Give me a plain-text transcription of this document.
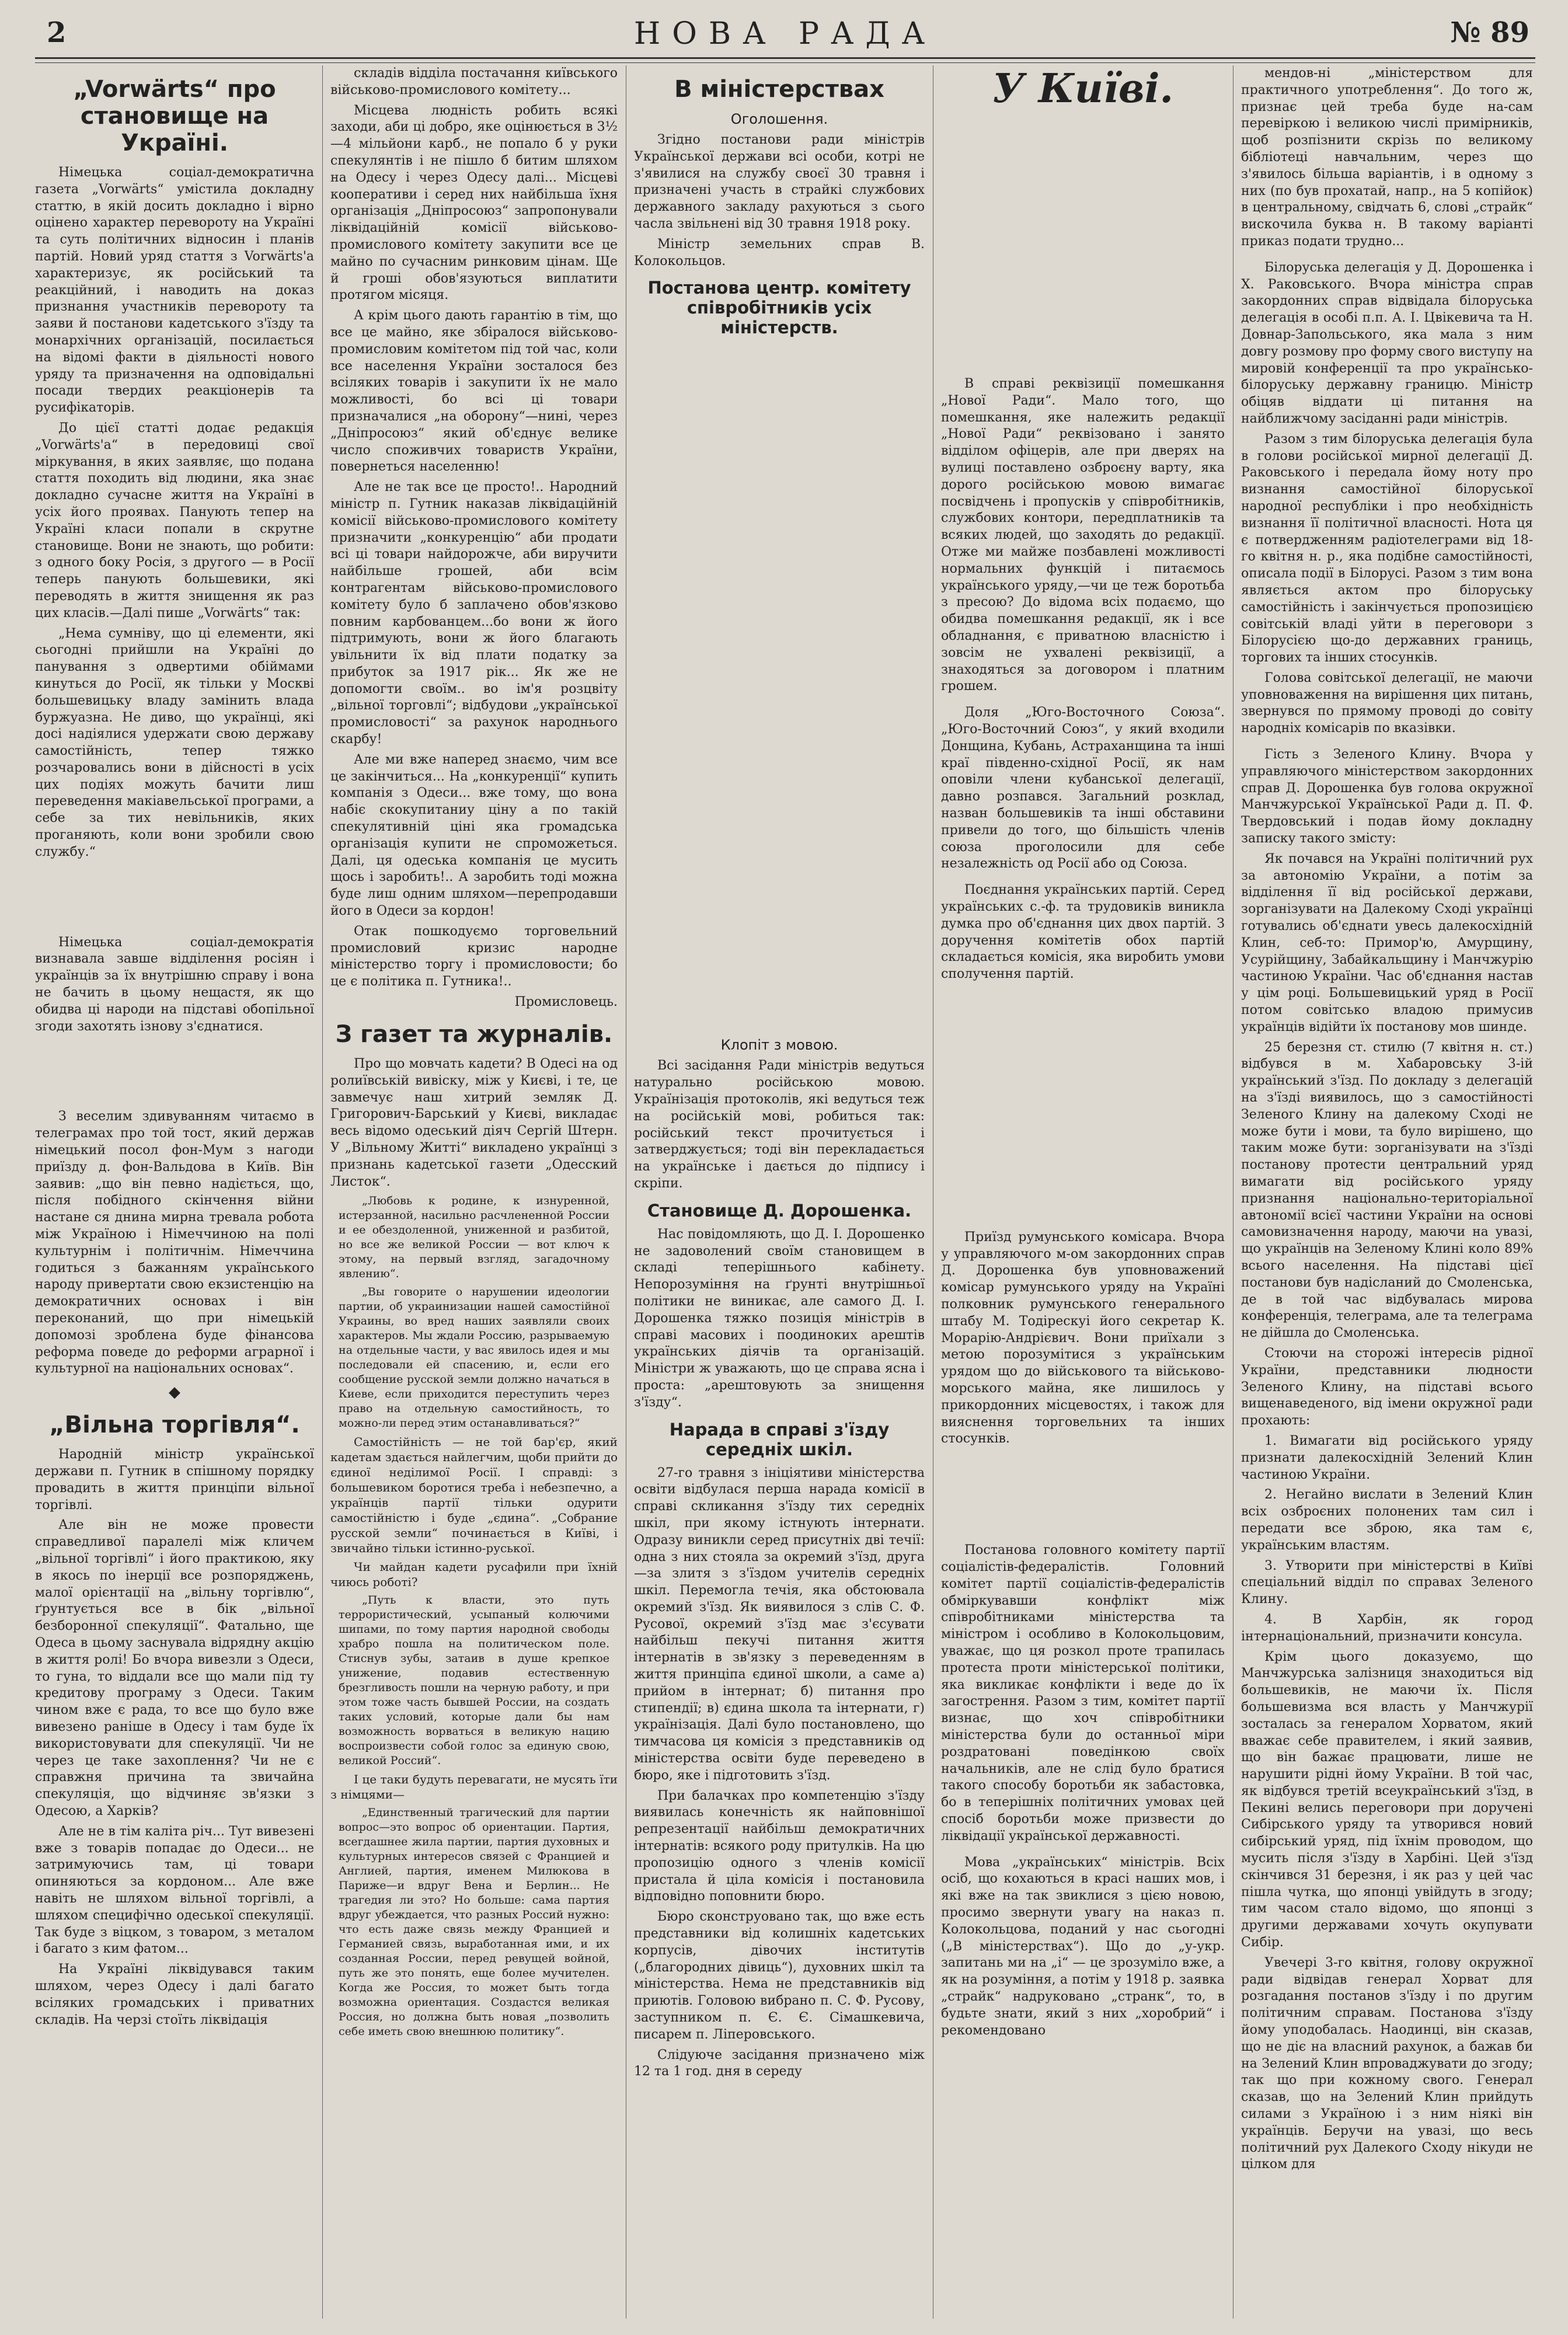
2	НОВА РАДА	№ 89
„Vorwärts“ про становище на Україні.

Німецька соціал-демократична газета „Vorwärts“ умістила докладну статтю, в якій досить докладно і вірно оцінено характер перевороту на Україні та суть політичних відносин і планів партій. Новий уряд стаття з Vorwärts'а характеризує, як російський та реакційний, і наводить на доказ признання участників перевороту та заяви й постанови кадетського з'їзду та монархічних організацій, посилається на відомі факти в діяльності нового уряду та призначення на одповідальні посади твердих реакціонерів та русифікаторів.

До цієї статті додає редакція „Vorwärts'а“ в передовиці свої міркування, в яких заявляє, що подана стаття походить від людини, яка знає докладно сучасне життя на Україні в усіх його проявах. Панують тепер на Україні класи попали в скрутне становище. Вони не знають, що робити: з одного боку Росія, з другого — в Росії теперь панують большевики, які переводять в життя знищення як раз цих класів.—Далі пише „Vorwärts“ так:

„Нема сумніву, що ці елементи, які сьогодні прийшли на Україні до панування з одвертими обіймами кинуться до Росії, як тільки у Москві большевицьку владу замінить влада буржуазна. Не диво, що українці, які досі надіялися удержати свою державу самостійність, тепер тяжко розчаровались вони в дійсності в усіх цих подіях можуть бачити лиш переведення макіавельської програми, а себе за тих невільників, яких проганяють, коли вони зробили свою службу.“

Німецька соціал-демократія визнавала завше відділення росіян і українців за їх внутрішню справу і вона не бачить в цьому нещастя, як що обидва ці народи на підставі обопільної згоди захотять ізнову з'єднатися.

З веселим здивуванням читаємо в телеграмах про той тост, який держав німецький посол фон-Мум з нагоди приїзду д. фон-Вальдова в Київ. Він заявив: „що він певно надіється, що, після побідного скінчення війни настане ся днина мирна тревала робота між Україною і Німеччиною на полі культурнім і політичнім. Німеччина годиться з бажанням українського народу привертати свою екзистенцію на демократичних основах і він переконаний, що при німецькій допомозі зроблена буде фінансова реформа поведе до реформи аграрної і культурної на національних основах“.

◆
„Вільна торгівля“.

Народній міністр української держави п. Гутник в спішному порядку провадить в життя принціпи вільної торгівлі.

Але він не може провести справедливої паралелі між кличем „вільної торгівлі“ і його практикою, яку в якось по інерції все розпоряджень, малої орієнтації на „вільну торгівлю“, ґрунтується все в бік „вільної безборонної спекуляції“. Фатально, ще Одеса в цьому заснувала відрядну акцію в життя ролі! Бо вчора вивезли з Одеси, то гуна, то віддали все що мали під ту кредитову програму з Одеси. Таким чином вже є рада, то все що було вже вивезено раніше в Одесу і там буде їх використовувати для спекуляції. Чи не через це таке захоплення? Чи не є справжня причина та звичайна спекуляція, що відчиняє зв'язки з Одесою, а Харків?

Але не в тім каліта річ... Тут вивезені вже з товарів попадає до Одеси... не затримуючись там, ці товари опиняються за кордоном... Але вже навіть не шляхом вільної торгівлі, а шляхом специфічно одеської спекуляції. Так буде з віцком, з товаром, з металом і багато з ким фатом...

На Україні ліквідувався таким шляхом, через Одесу і далі багато всіляких громадських і приватних складів. На черзі стоїть ліквідація

складів відділа постачання київського військово-промислового комітету...

Місцева людність робить всякі заходи, аби ці добро, яке оцінюється в 3½—4 мільйони карб., не попало б у руки спекулянтів і не пішло б битим шляхом на Одесу і через Одесу далі... Місцеві кооперативи і серед них найбільша їхня організація „Дніпросоюз“ запропонували ліквідаційній комісії військово-промислового комітету закупити все це майно по сучасним ринковим цінам. Ще й гроші обов'язуються виплатити протягом місяця.

А крім цього дають гарантію в тім, що все це майно, яке збіралося військово-промисловим комітетом під той час, коли все населення України зосталося без всіляких товарів і закупити їх не мало можливості, бо всі ці товари призначалися „на оборону“—нині, через „Дніпросоюз“ який об'єднує велике число споживчих товариств України, повернеться населенню!

Але не так все це просто!.. Народний міністр п. Гутник наказав ліквідаційній комісії військово-промислового комітету призначити „конкуренцію“ аби продати всі ці товари найдорожче, аби виручити найбільше грошей, аби всім контрагентам військово-промислового комітету було б заплачено обов'язково повним карбованцем...бо вони ж його підтримують, вони ж його благають увільнити їх від плати податку за прибуток за 1917 рік... Як же не допомогти своїм.. во ім'я розцвіту „вільної торговлі“; відбудови „української промисловості“ за рахунок народнього скарбу!

Але ми вже наперед знаємо, чим все це закінчиться... На „конкуренції“ купить компанія з Одеси... вже тому, що вона набіє скокупитаниу ціну а по такій спекулятивній ціні яка громадська організація купити не спроможеться. Далі, ця одеська компанія це мусить щось і заробить!.. А заробить тоді можна буде лиш одним шляхом—перепродавши його в Одеси за кордон!

Отак пошкодуємо торговельний промисловий кризис народне міністерство торгу і промисловости; бо це є політика п. Гутника!..

Промисловець.
З газет та журналів.

Про що мовчать кадети? В Одесі на од ролиївській вивіску, між у Києві, і те, це завмечує наш хитрий земляк Д. Григорович-Барський у Києві, викладає весь відомо одеський діяч Сергій Штерн. У „Вільному Житті“ викладено українці з признань кадетської газети „Одесский Листок“.

„Любовь к родине, к изнуренной, истерзанной, насильно расчлененной России и ее обездоленной, униженной и разбитой, но все же великой России — вот ключ к этому, на первый взгляд, загадочному явлению“.

„Вы говорите о нарушении идеологии партии, об украинизации нашей самостійної Украины, во вред наших заявляли своих характеров. Мы ждали Россию, разрываемую на отдельные части, у вас явилось идея и мы последовали ей спасению, и, если его сообщение русской земли должно начаться в Киеве, если приходится переступить через право на отдельную самостийность, то можно-ли перед этим останавливаться?“

Самостійність — не той бар'єр, який кадетам здається найлегчим, щоби прийти до єдиної неділимої Росії. І справді: з большевиком боротися треба і небезпечно, а українців партії тільки одурити самостійністю і буде „єдина“. „Собрание русской земли“ починається в Київі, і звичайно тільки істинно-руської.

Чи майдан кадети русафили при їхній чиюсь роботі?

„Путь к власти, это путь террористический, усыпаный колючими шипами, по тому партия народной свободы храбро пошла на политическом поле. Стиснув зубы, затаив в душе крепкое унижение, подавив естественную брезгливость пошли на черную работу, и при этом тоже часть бывшей России, на создать таких условий, которые дали бы нам возможность ворваться в великую нацию воспроизвести собой голос за единую свою, великой Россий“.

І це таки будуть перевагати, не мусять їти з німцями—

„Единственный трагический для партии вопрос—это вопрос об ориентации. Партия, всегдашнее жила партии, партия духовных и культурных интересов связей с Францией и Англией, партия, именем Милюкова в Париже—и вдруг Вена и Берлин... Не трагедия ли это? Но больше: сама партия вдруг убеждается, что разных Россий нужно: что есть даже связь между Францией и Германией связь, выработанная ими, и их созданная России, перед ревущей войной, путь же это понять, еще более мучителен. Когда же Россия, то может быть тогда возможна ориентация. Создастся великая Россия, но должна быть новая „позволить себе иметь свою внешнюю политику“.

В міністерствах
Оголошення.

Згідно постанови ради міністрів Української держави всі особи, котрі не з'явилися на службу своєї 30 травня і призначені участь в страйкі службових державного закладу рахуються з сього часла звільнені від 30 травня 1918 року.

Міністр земельних справ В. Колокольцов.

Постанова центр. комітету співробітників усіх міністерств.
Клопіт з мовою.

Всі засідання Ради міністрів ведуться натурально російською мовою. Українізація протоколів, які ведуться теж на російській мові, робиться так: російський текст прочитується і затверджується; тоді він перекладається на українське і дається до підпису і скріпи.

Становище Д. Дорошенка.

Нас повідомляють, що Д. І. Дорошенко не задоволений своїм становищем в складі теперішнього кабінету. Непорозуміння на ґрунті внутрішньої політики не виникає, але самого Д. І. Дорошенка тяжко позиція міністрів в справі масових і поодиноких арештів українських діячів та організацій. Міністри ж уважають, що це справа ясна і проста: „арештовують за знищення з'їзду“.

Нарада в справі з'їзду середніх шкіл.

27-го травня з ініціятиви міністерства освіти відбулася перша нарада комісії в справі скликання з'їзду тих середніх шкіл, при якому істнують інтернати. Одразу виникли серед присутніх дві течії: одна з них стояла за окремий з'їзд, друга—за злитя з з'їздом учителів середніх шкіл. Перемогла течія, яка обстоювала окремий з'їзд. Як виявилося з слів С. Ф. Русової, окремий з'їзд має з'єсувати найбільш пекучі питання життя інтернатів в зв'язку з переведенням в життя принціпа єдиної школи, а саме а) прийом в інтернат; б) питання про стипендії; в) єдина школа та інтернати, г) українізація. Далі було постановлено, що тимчасова ця комісія з представників од міністерства освіти буде переведено в бюро, яке і підготовить з'їзд.

При балачках про компетенцію з'їзду виявилась конечність як найповнішої репрезентації найбільш демократичних інтернатів: всякого роду притулків. На цю пропозицію одного з членів комісії пристала й ціла комісія і постановила відповідно поповнити бюро.

Бюро сконструовано так, що вже есть представники від колишніх кадетських корпусів, дівочих інститутів („благородних дівиць“), духовних шкіл та міністерства. Нема не представників від приютів. Головою вибрано п. С. Ф. Русову, заступником п. Є. Є. Сімашкевича, писарем п. Ліперовського.

Слідуюче засідання призначено між 12 та 1 год. дня в середу

У Київі.

В справі реквізиції помешкання „Нової Ради“. Мало того, що помешкання, яке належить редакції „Нової Ради“ реквізовано і занято відділом офіцерів, але при дверях на вулиці поставлено озброєну варту, яка дорого російською мовою вимагає посвідчень і пропусків у співробітників, службових контори, передплатників та всяких людей, що заходять до редакції. Отже ми майже позбавлені можливості нормальних функцій і питаємось українського уряду,—чи це теж боротьба з пресою? До відома всіх подаємо, що обидва помешкання редакції, як і все обладнання, є приватною власністю і зовсім не ухвалені реквізиції, а знаходяться за договором і платним грошем.

Доля „Юго-Восточного Союза“. „Юго-Восточний Союз“, у який входили Донщина, Кубань, Астраханщина та інші краї південно-східної Росії, як нам оповіли члени кубанської делегації, давно розпався. Загальний розклад, назван большевиків та інші обставини привели до того, що більшість членів союза проголосили для себе незалежність од Росії або од Союза.

Поєднання українських партій. Серед українських с.-ф. та трудовиків виникла думка про об'єднання цих двох партій. З доручення комітетів обох партій складається комісія, яка виробить умови сполучення партій.

Приїзд румунського комісара. Вчора у управляючого м-ом закордонних справ Д. Дорошенка був уповноважений комісар румунського уряду на Україні полковник румунського генерального штабу М. Тодірескуі його секретар К. Морарію-Андрієвич. Вони приїхали з метою порозумітися з українським урядом що до військового та військово-морського майна, яке лишилось у прикордонних місцевостях, і також для вияснення торговельних та інших стосунків.

Постанова головного комітету партії соціалістів-федералістів. Головний комітет партії соціалістів-федералістів обміркувавши конфлікт між співробітниками міністерства та міністром і особливо в Колокольцовим, уважає, що ця розкол проте трапилась протеста проти міністерської політики, яка викликає конфлікти і веде до їх загострення. Разом з тим, комітет партії визнає, що хоч співробітники міністерства були до останньої міри роздратовані поведінкою своїх начальників, але не слід було братися такого способу боротьби як забастовка, бо в теперішніх політичних умовах цей спосіб боротьби може призвести до ліквідації української державності.

Мова „українських“ міністрів. Всіх осіб, що кохаються в красі наших мов, і які вже на так звиклися з цією новою, просимо звернути увагу на наказ п. Колокольцова, поданий у нас сьогодні („В міністерствах“). Що до „у-укр. запитань ми на „і“ — це зрозуміло вже, а як на розуміння, а потім у 1918 р. заявка „страйк“ надруковано „странк“, то, в будьте знати, який з них „хоробрий“ і рекомендовано

мендов-ні „міністерством для практичного употреблення“. До того ж, признає цей треба буде на-сам перевіркою і великою числі примірників, щоб розпізнити скрізь по великому бібліотеці навчальним, через що з'явилось більша варіантів, і в одному з них (по був прохатай, напр., на 5 копійок) в центральному, свідчать 6, слові „страйк“ вискочила буква н. В такому варіанті приказ подати трудно...

Білоруська делегація у Д. Дорошенка і Х. Раковського. Вчора міністра справ закордонних справ відвідала білоруська делегація в особі п.п. А. І. Цвікевича та Н. Довнар-Запольського, яка мала з ним довгу розмову про форму свого виступу на мировій конференції та про українсько-білоруську державну границю. Міністр обіцяв віддати ці питання на найближчому засіданні ради міністрів.

Разом з тим білоруська делегація була в голови російської мирної делегації Д. Раковського і передала йому ноту про визнання самостійної білоруської народної республіки і про необхідність визнання її політичної власності. Нота ця є потвердженням радіотелеграми від 18-го квітня н. р., яка подібне самостійності, описала події в Білорусі. Разом з тим вона являється актом про білоруську самостійність і закінчується пропозицією совітській владі уйти в переговори з Білорусією що-до державних границь, торгових та інших стосунків.

Голова совітської делегації, не маючи уповноваження на вирішення цих питань, звернувся по прямому проводі до совіту народніх комісарів по вказівки.

Гість з Зеленого Клину. Вчора у управляючого міністерством закордонних справ Д. Дорошенка був голова окружної Манчжурської Української Ради д. П. Ф. Твердовський і подав йому докладну записку такого змісту:

Як почався на Україні політичний рух за автономію України, а потім за відділення її від російської держави, зорганізувати на Далекому Сході українці готувались об'єднати увесь далекосхідній Клин, себ-то: Примор'ю, Амурщину, Усурійщину, Забайкальщину і Манчжурію частиною України. Час об'єднання настав у цім році. Большевицький уряд в Росії потом совітсько владою примусив українців відійти їх постанову мов шинде.

25 березня ст. стилю (7 квітня н. ст.) відбувся в м. Хабаровську 3-ій український з'їзд. По докладу з делегацій на з'їзді виявилось, що з самостійності Зеленого Клину на далекому Сході не може бути і мови, та було вирішено, що таким може бути: зорганізувати на з'їзді постанову протести центральний уряд вимагати від російського уряду признання національно-територіальної автономії всієї частини України на основі самовизначення народу, маючи на увазі, що українців на Зеленому Клині коло 89% всього населення. На підставі цієї постанови був надісланий до Смоленська, де в той час відбувалась мирова конференція, телеграма, але та телеграма не дійшла до Смоленська.

Стоючи на сторожі інтересів рідної України, представники людности Зеленого Клину, на підставі всього вищенаведеного, від імени окружної ради прохають:

1. Вимагати від російського уряду признати далекосхідній Зелений Клин частиною України.

2. Негайно вислати в Зелений Клин всіх озброєних полонених там сил і передати все зброю, яка там є, українським властям.

3. Утворити при міністерстві в Київі спеціальний відділ по справах Зеленого Клину.

4. В Харбін, як город інтернаціональний, призначити консула.

Крім цього доказуємо, що Манчжурська залізниця знаходиться від большевиків, не маючи їх. Після большевизма вся власть у Манчжурії зосталась за генералом Хорватом, який вважає себе правителем, і який заявив, що він бажає працювати, лише не нарушити рідні йому України. В той час, як відбувся третій всеукраїнський з'їзд, в Пекині велись переговори при доручені Сибірського уряду та утворився новий сибірський уряд, під їхнім проводом, що мусить після з'їзду в Харбіні. Цей з'їзд скінчився 31 березня, і як раз у цей час пішла чутка, що японці увійдуть в згоду; тим часом стало відомо, що японці з другими державами хочуть окупувати Сибір.

Увечері 3-го квітня, голову окружної ради відвідав генерал Хорват для розгадання постанов з'їзду і по другим політичним справам. Постанова з'їзду йому уподобалась. Наодинці, він сказав, що не діє на власний рахунок, а бажав би на Зелений Клин впроваджувати до згоду; так що при кожному свого. Генерал сказав, що на Зелений Клин прийдуть силами з Україною і з ним ніякі він українців. Беручи на увазі, що весь політичний рух Далекого Сходу нікуди не цілком для
